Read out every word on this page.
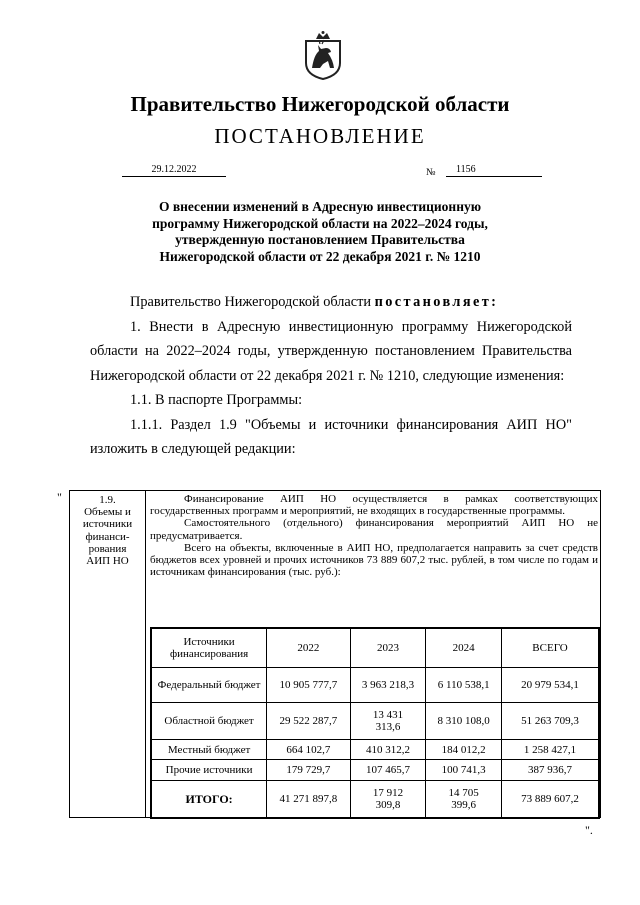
Правительство Нижегородской области
ПОСТАНОВЛЕНИЕ
29.12.2022	№	1156
О внесении изменений в Адресную инвестиционную
программу Нижегородской области на 2022–2024 годы,
утвержденную постановлением Правительства
Нижегородской области от 22 декабря 2021 г. № 1210

Правительство Нижегородской области постановляет:

1. Внести в Адресную инвестиционную программу Нижегородской области на 2022–2024 годы, утвержденную постановлением Правительства Нижегородской области от 22 декабря 2021 г. № 1210, следующие изменения:

1.1. В паспорте Программы:

1.1.1. Раздел 1.9 "Объемы и источники финансирования АИП НО"

изложить в следующей редакции:

"	1.9.
Объемы и
источники
финанси-
рования
АИП НО

Финансирование АИП НО осуществляется в рамках соответствующих государственных программ и мероприятий, не входящих в государственные программы.

Самостоятельного (отдельного) финансирования мероприятий АИП НО не предусматривается.

Всего на объекты, включенные в АИП НО, предполагается направить за счет средств бюджетов всех уровней и прочих источников 73 889 607,2 тыс. рублей, в том числе по годам и источникам финансирования (тыс. руб.):

Источники финансирования	2022	2023	2024	ВСЕГО
Федеральный бюджет	10 905 777,7	3 963 218,3	6 110 538,1	20 979 534,1
Областной бюджет	29 522 287,7	13 431 313,6	8 310 108,0	51 263 709,3
Местный бюджет	664 102,7	410 312,2	184 012,2	1 258 427,1
Прочие источники	179 729,7	107 465,7	100 741,3	387 936,7
ИТОГО:	41 271 897,8	17 912 309,8	14 705 399,6	73 889 607,2
".
